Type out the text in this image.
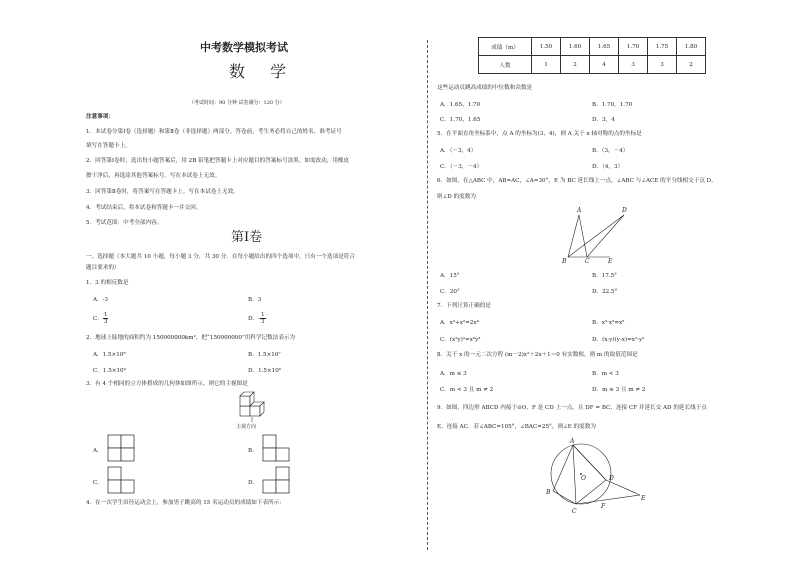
中考数学模拟考试
数 学
（考试时间：90 分钟 试卷满分：120 分）
注意事项：
1．本试卷分第Ⅰ卷（选择题）和第Ⅱ卷（非选择题）两部分。答卷前，考生务必将自己的姓名、准考证号
填写在答题卡上。
2．回答第Ⅰ卷时，选出每小题答案后，用 2B 铅笔把答题卡上对应题目的答案标号涂黑。如需改动，用橡皮
擦干净后，再选涂其他答案标号。写在本试卷上无效。
3．回答第Ⅱ卷时，将答案写在答题卡上。写在本试卷上无效。
4．考试结束后，将本试卷和答题卡一并交回。
5．考试范围：中考全部内容。
第Ⅰ卷
一、选择题（本大题共 10 小题，每小题 3 分，共 30 分．在每小题给出的四个选项中，只有一个选项是符合
题目要求的）
1．3 的相反数是
A．-3	B．3
C． $\frac{1}{3}$	D．- $\frac{1}{3}$
2．地球上陆地的面积约为 150000000km²，把“150000000”用科学记数法表示为
A．1.5×10⁸	B．1.5×10⁷
C．1.5×10⁹	D．1.5×10⁶
3．有 4 个相同的立方体搭成的几何体如图所示，则它的主视图是
主视方向
A．	B．
C．	D．
4．在一次学生田径运动会上，参加男子跳高的 15 名运动员的成绩如下表所示：
成绩（m）	1.50	1.60	1.65	1.70	1.75	1.80
人数	1	2	4	3	3	2
这些运动员跳高成绩的中位数和众数是
A．1.65，1.70	B．1.70，1.70
C．1.70，1.65	D．3，4
5．在平面直角坐标系中，点 A 的坐标为(3，4)，则 A 关于 x 轴对称的点的坐标是
A．（－3，4）	B．（3，－4）
C．（－3，－4）	D．（4，3）
6．如图，在△ABC 中，AB=AC，∠A=30°，E 为 BC 延长线上一点，∠ABC 与∠ACE 的平分线相交于点 D，
则∠D 的度数为
A
B	C
D
E
A．15°	B．17.5°
C．20°	D．22.5°
7．下列计算正确的是
A．x²+x²=2x⁴	B．x³·x²=x⁶
C．(x²y)³=x⁶y³	D．(x-y)(y-x)=x²-y²
8．关于 x 的一元二次方程 (m－2)x²＋2x＋1＝0 有实数根，则 m 的取值范围是
A．m ≤ 3	B．m < 3
C．m < 3 且 m ≠ 2	D．m ≤ 3 且 m ≠ 2
9．如图，四边形 ABCD 内接于⊙O，F 是 CD 上一点，且 DF = BC，连接 CF 并延长交 AD 的延长线于点
E，连接 AC．若∠ABC=105°，∠BAC=25°，则∠E 的度数为
A
B
C
D
E
F
O
